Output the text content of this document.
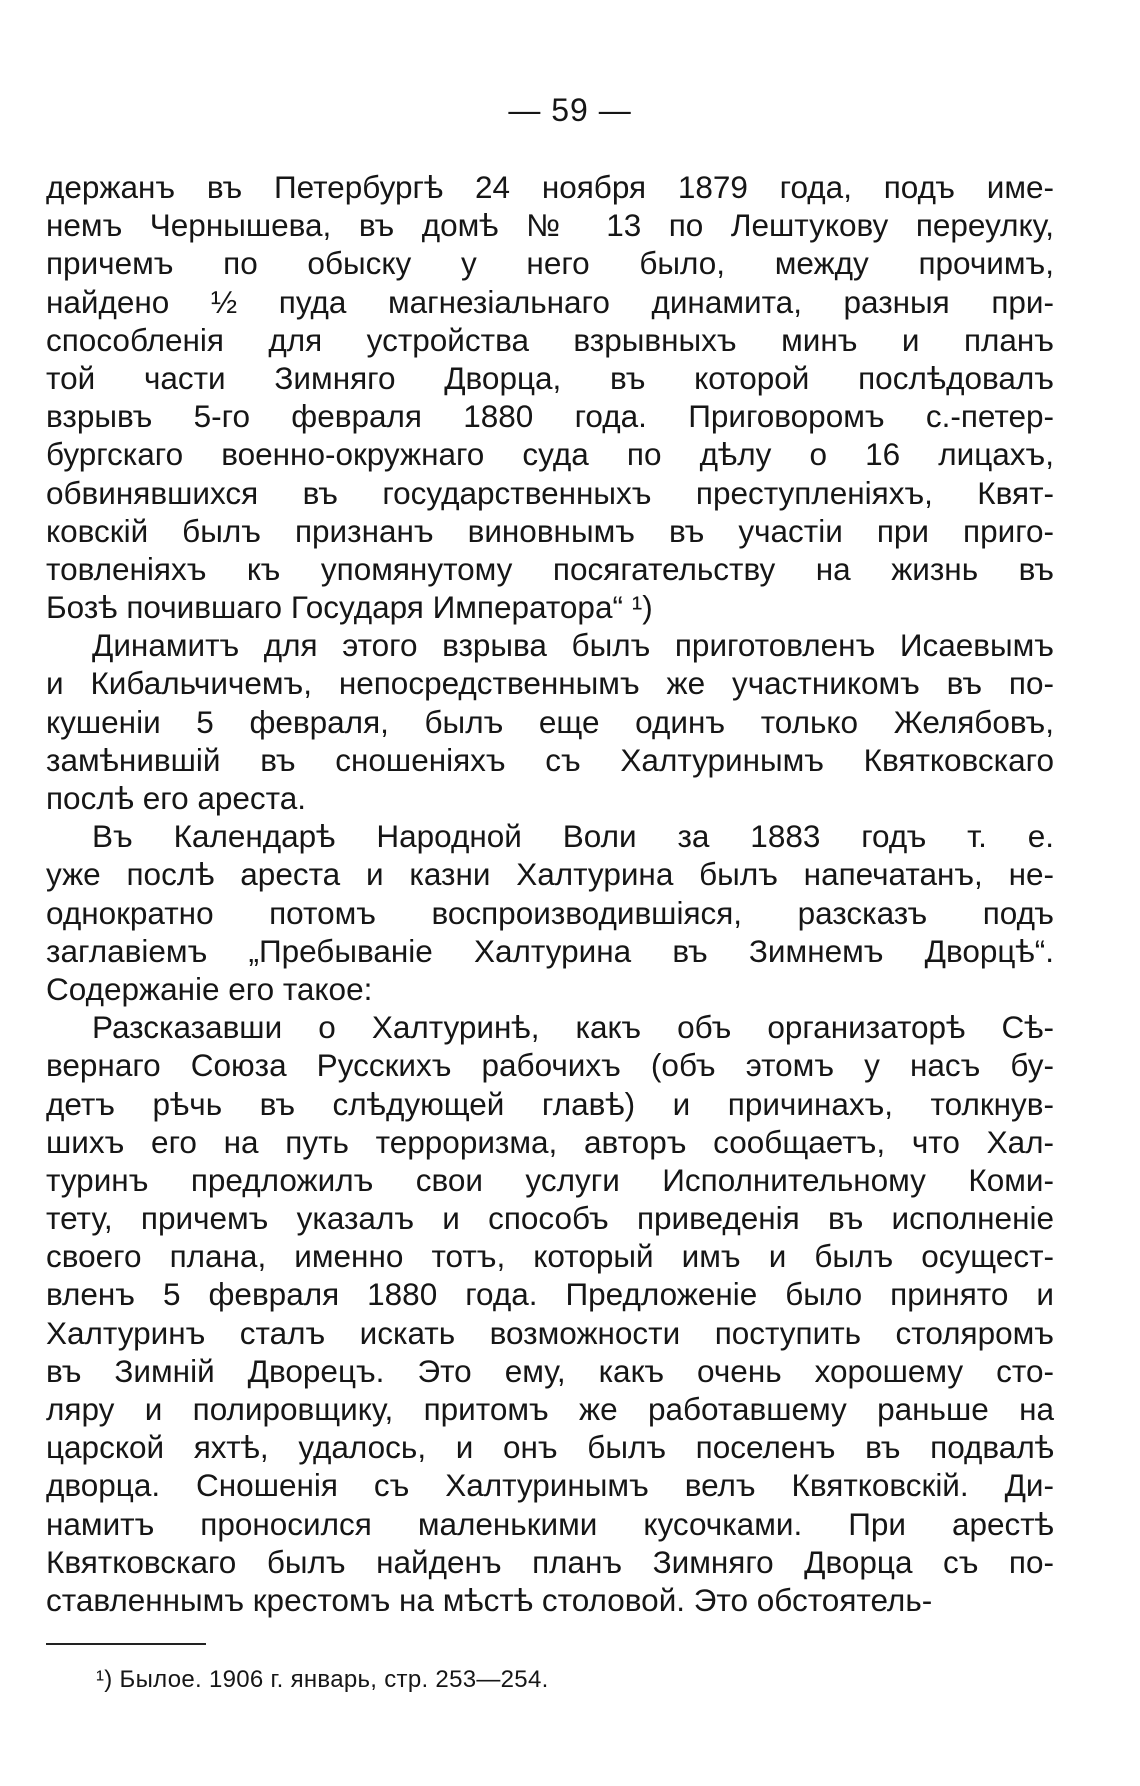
— 59 —
держанъ въ Петербургѣ 24 ноября 1879 года, подъ име-
немъ Чернышева, въ домѣ № 13 по Лештукову переулку,
причемъ по обыску у него было, между прочимъ,
найдено ½ пуда магнезіальнаго динамита, разныя при-
способленія для устройства взрывныхъ минъ и планъ
той части Зимняго Дворца, въ которой послѣдовалъ
взрывъ 5-го февраля 1880 года. Приговоромъ с.-петер-
бургскаго военно-окружнаго суда по дѣлу о 16 лицахъ,
обвинявшихся въ государственныхъ преступленіяхъ, Квят-
ковскій былъ признанъ виновнымъ въ участіи при приго-
товленіяхъ къ упомянутому посягательству на жизнь въ
Бозѣ почившаго Государя Императора“ ¹)
Динамитъ для этого взрыва былъ приготовленъ Исаевымъ
и Кибальчичемъ, непосредственнымъ же участникомъ въ по-
кушеніи 5 февраля, былъ еще одинъ только Желябовъ,
замѣнившій въ сношеніяхъ съ Халтуринымъ Квятковскаго
послѣ его ареста.
Въ Календарѣ Народной Воли за 1883 годъ т. е.
уже послѣ ареста и казни Халтурина былъ напечатанъ, не-
однократно потомъ воспроизводившіяся, разсказъ подъ
заглавіемъ „Пребываніе Халтурина въ Зимнемъ Дворцѣ“.
Содержаніе его такое:
Разсказавши о Халтуринѣ, какъ объ организаторѣ Сѣ-
вернаго Союза Русскихъ рабочихъ (объ этомъ у насъ бу-
детъ рѣчь въ слѣдующей главѣ) и причинахъ, толкнув-
шихъ его на путь терроризма, авторъ сообщаетъ, что Хал-
туринъ предложилъ свои услуги Исполнительному Коми-
тету, причемъ указалъ и способъ приведенія въ исполненіе
своего плана, именно тотъ, который имъ и былъ осущест-
вленъ 5 февраля 1880 года. Предложеніе было принято и
Халтуринъ сталъ искать возможности поступить столяромъ
въ Зимній Дворецъ. Это ему, какъ очень хорошему сто-
ляру и полировщику, притомъ же работавшему раньше на
царской яхтѣ, удалось, и онъ былъ поселенъ въ подвалѣ
дворца. Сношенія съ Халтуринымъ велъ Квятковскій. Ди-
намитъ проносился маленькими кусочками. При арестѣ
Квятковскаго былъ найденъ планъ Зимняго Дворца съ по-
ставленнымъ крестомъ на мѣстѣ столовой. Это обстоятель-
¹) Былое. 1906 г. январь, стр. 253—254.
